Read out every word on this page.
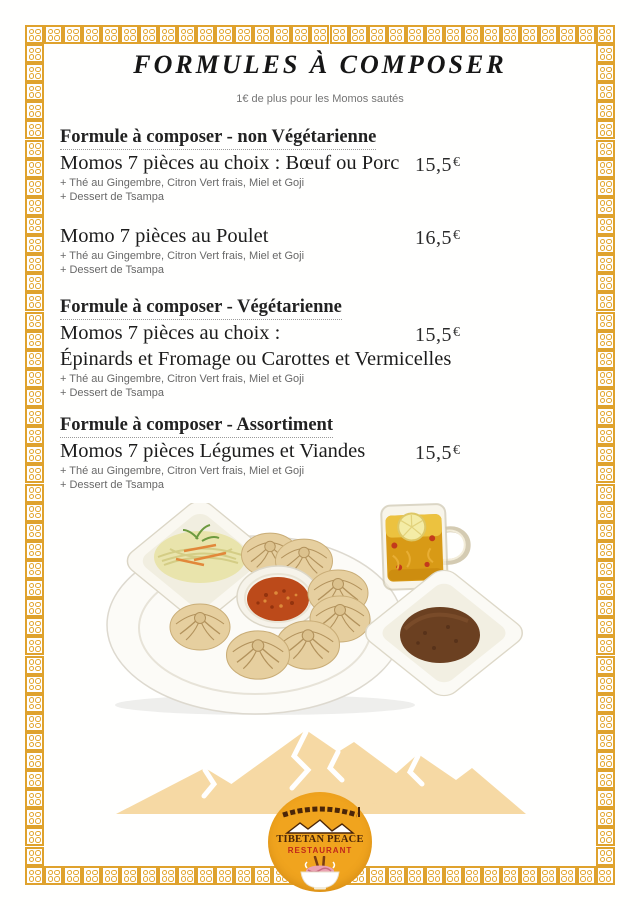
FORMULES À COMPOSER
1€ de plus pour les Momos sautés
Formule à composer - non Végétarienne
Momos 7 pièces au choix : Bœuf ou Porc 15,5€
+ Thé au Gingembre, Citron Vert frais, Miel et Goji
+ Dessert de Tsampa
Momo 7 pièces au Poulet	16,5€
+ Thé au Gingembre, Citron Vert frais, Miel et Goji
+ Dessert de Tsampa
Formule à composer - Végétarienne
Momos 7 pièces au choix :	15,5€
Épinards et Fromage ou Carottes et Vermicelles
+ Thé au Gingembre, Citron Vert frais, Miel et Goji
+ Dessert de Tsampa
Formule à composer - Assortiment
Momos 7 pièces Légumes et Viandes 15,5€
+ Thé au Gingembre, Citron Vert frais, Miel et Goji
+ Dessert de Tsampa
TIBETAN PEACE
RESTAURANT
